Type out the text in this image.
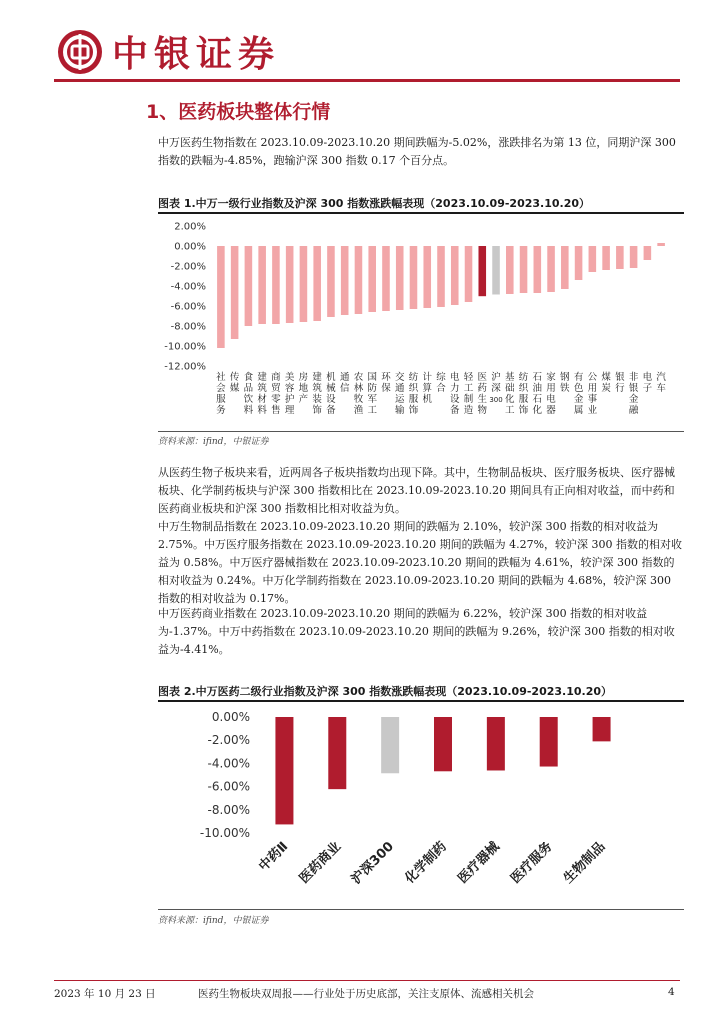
中银证券
1、医药板块整体行情
中万医药生物指数在 2023.10.09-2023.10.20 期间跌幅为-5.02%，涨跌排名为第 13 位，同期沪深 300 指数的跌幅为-4.85%，跑输沪深 300 指数 0.17 个百分点。
图表 1.中万一级行业指数及沪深 300 指数涨跌幅表现（2023.10.09-2023.10.20）
2.00%
0.00%
-2.00%
-4.00%
-6.00%
-8.00%
-10.00%
-12.00%
社会服务
传媒
食品饮料
建筑材料
商贸零售
美容护理
房地产
建筑装饰
机械设备
通信
农林牧渔
国防军工
环保
交通运输
纺织服饰
计算机
综合
电力设备
轻工制造
医药生物
沪深 300
基础化工
纺织服饰
石油石化
家用电器
钢铁
有色金属
公用事业
煤炭
银行
非银金融
电子
汽车
资料来源：ifind，中银证券
从医药生物子板块来看，近两周各子板块指数均出现下降。其中，生物制品板块、医疗服务板块、医疗器械板块、化学制药板块与沪深 300 指数相比在 2023.10.09-2023.10.20 期间具有正向相对收益，而中药和医药商业板块和沪深 300 指数相比相对收益为负。
中万生物制品指数在 2023.10.09-2023.10.20 期间的跌幅为 2.10%，较沪深 300 指数的相对收益为 2.75%。中万医疗服务指数在 2023.10.09-2023.10.20 期间的跌幅为 4.27%，较沪深 300 指数的相对收益为 0.58%。中万医疗器械指数在 2023.10.09-2023.10.20 期间的跌幅为 4.61%，较沪深 300 指数的相对收益为 0.24%。中万化学制药指数在 2023.10.09-2023.10.20 期间的跌幅为 4.68%，较沪深 300 指数的相对收益为 0.17%。
中万医药商业指数在 2023.10.09-2023.10.20 期间的跌幅为 6.22%，较沪深 300 指数的相对收益为-1.37%。中万中药指数在 2023.10.09-2023.10.20 期间的跌幅为 9.26%，较沪深 300 指数的相对收益为-4.41%。
图表 2.中万医药二级行业指数及沪深 300 指数涨跌幅表现（2023.10.09-2023.10.20）
0.00%
-2.00%
-4.00%
-6.00%
-8.00%
-10.00%
中药Ⅱ 医药商业 沪深300 化学制药 医疗器械 医疗服务 生物制品
资料来源：ifind，中银证券
2023 年 10 月 23 日	医药生物板块双周报——行业处于历史底部，关注支原体、流感相关机会	4
